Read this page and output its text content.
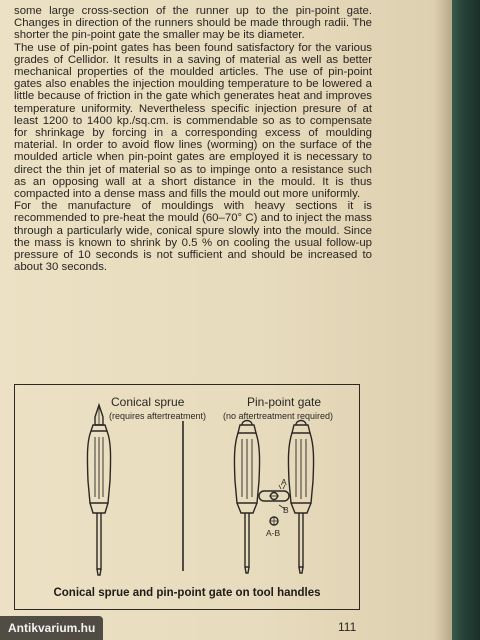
some large cross-section of the runner up to the pin-point gate. Changes in direction of the runners should be made through radii. The shorter the pin-point gate the smaller may be its diameter.

The use of pin-point gates has been found satisfactory for the various grades of Cellidor. It results in a saving of material as well as better mechanical properties of the moulded articles. The use of pin-point gates also enables the injection moulding temperature to be lowered a little because of friction in the gate which generates heat and improves temperature uniformity. Nevertheless specific injection presure of at least 1200 to 1400 kp./sq.cm. is commendable so as to compensate for shrinkage by forcing in a corresponding excess of moulding material. In order to avoid flow lines (worming) on the surface of the moulded article when pin-point gates are employed it is necessary to direct the thin jet of material so as to impinge onto a resistance such as an opposing wall at a short distance in the mould. It is thus compacted into a dense mass and fills the mould out more uniformly.

For the manufacture of mouldings with heavy sections it is recommended to pre-heat the mould (60–70° C) and to inject the mass through a particularly wide, conical spure slowly into the mould. Since the mass is known to shrink by 0.5 % on cooling the usual follow-up pressure of 10 seconds is not sufficient and should be increased to about 30 seconds.

Conical sprue
(requires aftertreatment)
Pin-point gate
(no aftertreatment required)
A
B
A-B
Conical sprue and pin-point gate on tool handles
111
Antikvarium.hu
